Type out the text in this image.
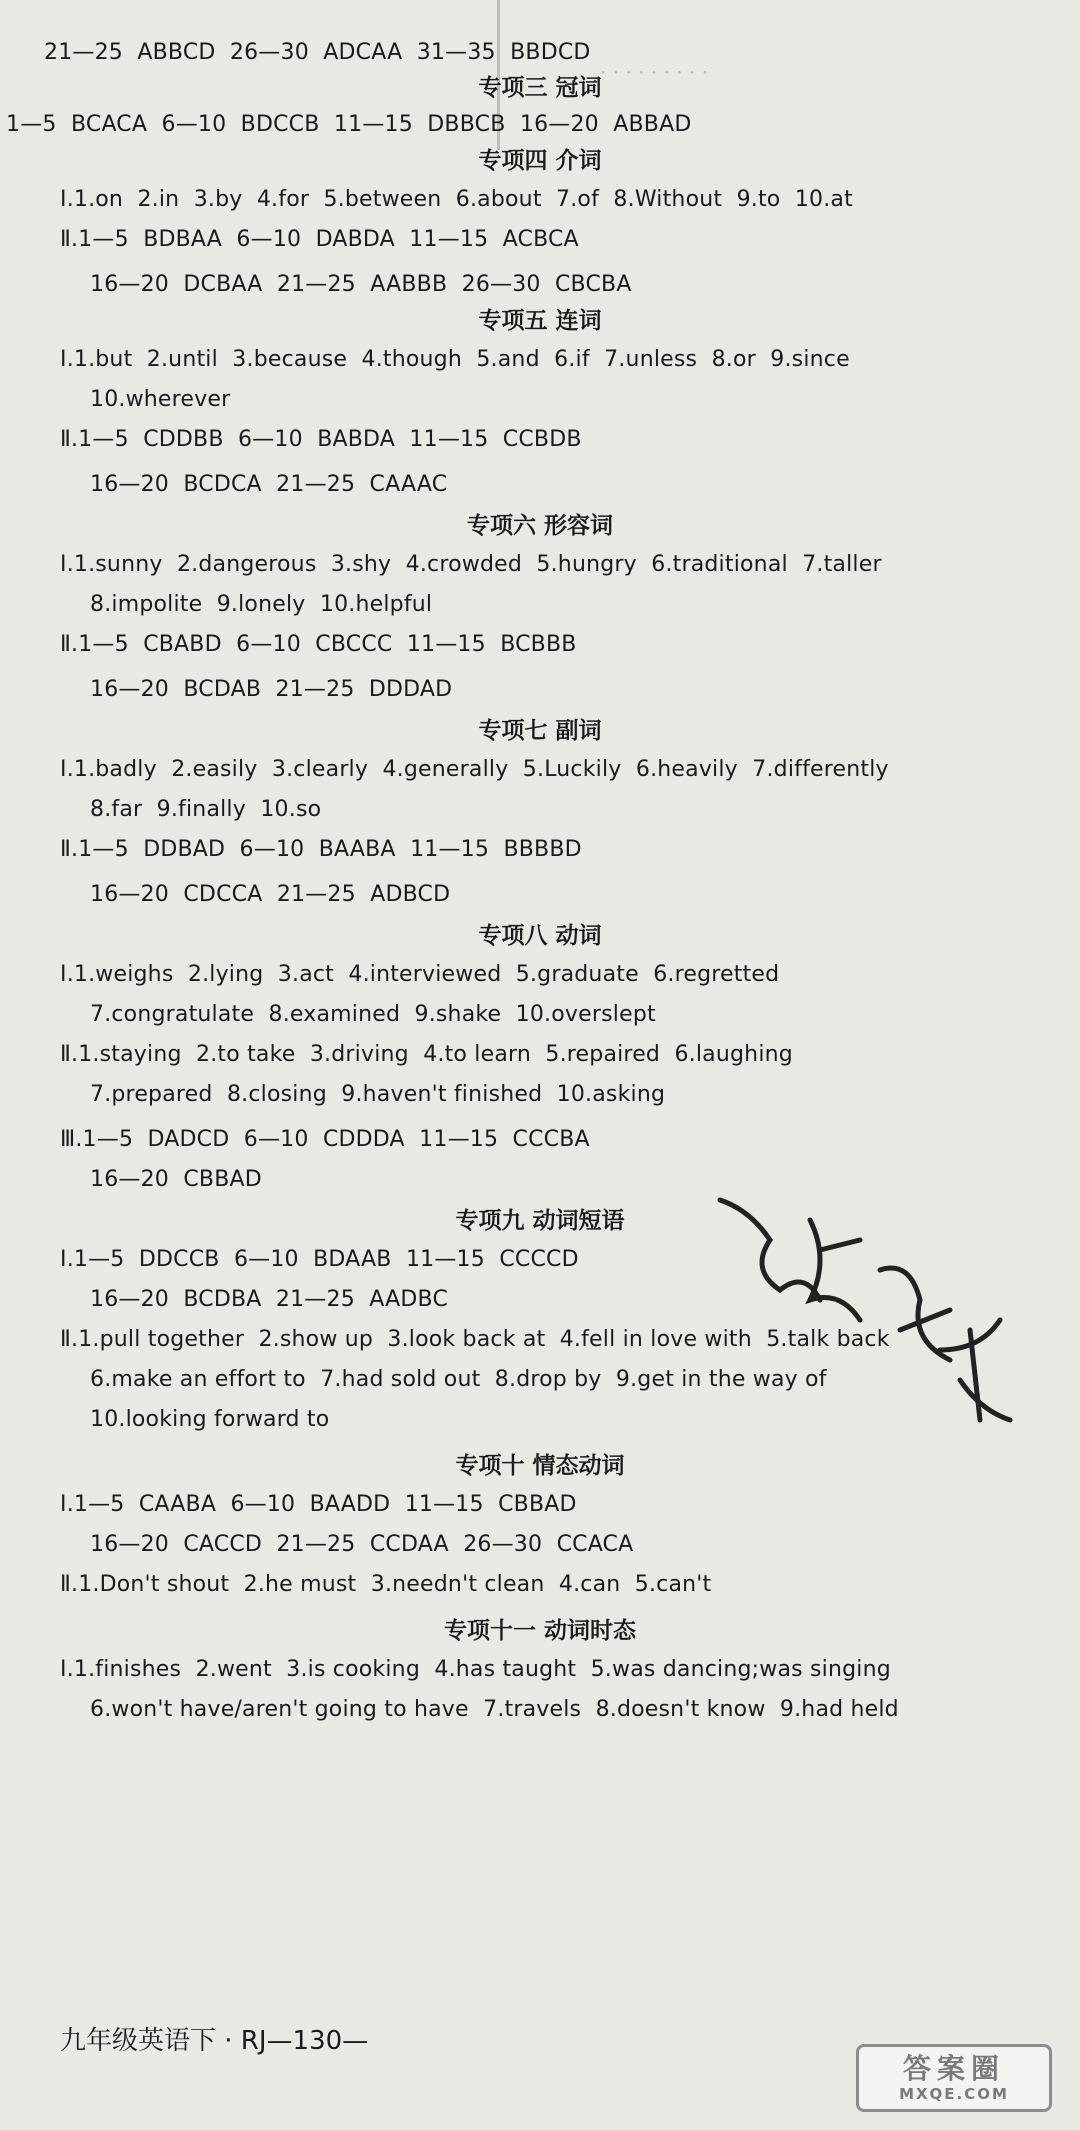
· · · · · · · · ·
21—25  ABBCD  26—30  ADCAA  31—35  BBDCD
专项三 冠词
1—5  BCACA  6—10  BDCCB  11—15  DBBCB  16—20  ABBAD
专项四 介词
Ⅰ.1.on  2.in  3.by  4.for  5.between  6.about  7.of  8.Without  9.to  10.at
Ⅱ.1—5  BDBAA  6—10  DABDA  11—15  ACBCA
16—20  DCBAA  21—25  AABBB  26—30  CBCBA
专项五 连词
Ⅰ.1.but  2.until  3.because  4.though  5.and  6.if  7.unless  8.or  9.since
10.wherever
Ⅱ.1—5  CDDBB  6—10  BABDA  11—15  CCBDB
16—20  BCDCA  21—25  CAAAC
专项六 形容词
Ⅰ.1.sunny  2.dangerous  3.shy  4.crowded  5.hungry  6.traditional  7.taller
8.impolite  9.lonely  10.helpful
Ⅱ.1—5  CBABD  6—10  CBCCC  11—15  BCBBB
16—20  BCDAB  21—25  DDDAD
专项七 副词
Ⅰ.1.badly  2.easily  3.clearly  4.generally  5.Luckily  6.heavily  7.differently
8.far  9.finally  10.so
Ⅱ.1—5  DDBAD  6—10  BAABA  11—15  BBBBD
16—20  CDCCA  21—25  ADBCD
专项八 动词
Ⅰ.1.weighs  2.lying  3.act  4.interviewed  5.graduate  6.regretted
7.congratulate  8.examined  9.shake  10.overslept
Ⅱ.1.staying  2.to take  3.driving  4.to learn  5.repaired  6.laughing
7.prepared  8.closing  9.haven't finished  10.asking
Ⅲ.1—5  DADCD  6—10  CDDDA  11—15  CCCBA
16—20  CBBAD
专项九 动词短语
Ⅰ.1—5  DDCCB  6—10  BDAAB  11—15  CCCCD
16—20  BCDBA  21—25  AADBC
Ⅱ.1.pull together  2.show up  3.look back at  4.fell in love with  5.talk back
6.make an effort to  7.had sold out  8.drop by  9.get in the way of
10.looking forward to
专项十 情态动词
Ⅰ.1—5  CAABA  6—10  BAADD  11—15  CBBAD
16—20  CACCD  21—25  CCDAA  26—30  CCACA
Ⅱ.1.Don't shout  2.he must  3.needn't clean  4.can  5.can't
专项十一 动词时态
Ⅰ.1.finishes  2.went  3.is cooking  4.has taught  5.was dancing;was singing
6.won't have/aren't going to have  7.travels  8.doesn't know  9.had held
九年级英语下 · RJ—130—
答案圈
MXQE.COM
